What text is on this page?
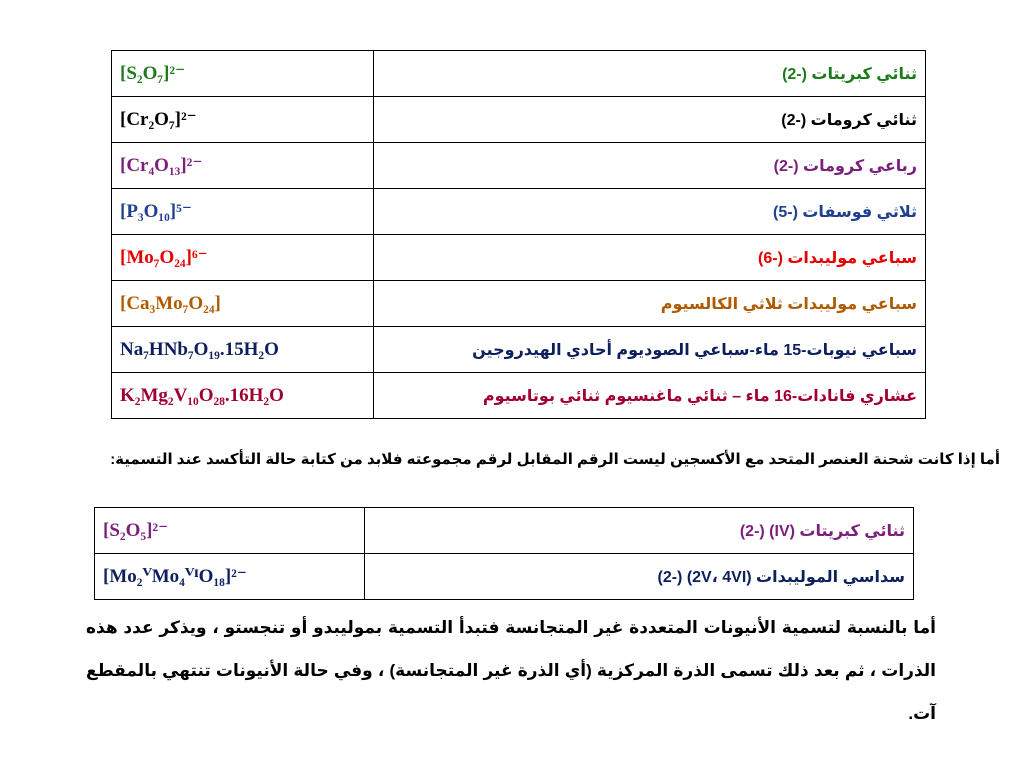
[S₂O₇]²⁻	ثنائي كبريتات (-2)
[Cr₂O₇]²⁻	ثنائي كرومات (-2)
[Cr₄O₁₃]²⁻	رباعي كرومات (-2)
[P₃O₁₀]⁵⁻	ثلاثي فوسفات (-5)
[Mo₇O₂₄]⁶⁻	سباعي موليبدات (-6)
[Ca₃Mo₇O₂₄]	سباعي موليبدات ثلاثي الكالسيوم
Na₇HNb₇O₁₉.15H₂O	سباعي نيوبات-15 ماء-سباعي الصوديوم أحادي الهيدروجين
K₂Mg₂V₁₀O₂₈.16H₂O	عشاري فانادات-16 ماء – ثنائي ماغنسيوم ثنائي بوتاسيوم
أما إذا كانت شحنة العنصر المتحد مع الأكسجين ليست الرقم المقابل لرقم مجموعته فلابد من كتابة حالة التأكسد عند التسمية:
[S₂O₅]²⁻	ثنائي كبريتات (IV) (-2)
[Mo₂ⱽMo₄ⱽᴵO₁₈]²⁻	سداسي الموليبدات (2V، 4VI) (-2)
أما بالنسبة لتسمية الأنيونات المتعددة غير المتجانسة فتبدأ التسمية بموليبدو أو تنجستو ، ويذكر عدد هذه الذرات ، ثم بعد ذلك تسمى الذرة المركزية (أي الذرة غير المتجانسة) ، وفي حالة الأنيونات تنتهي بالمقطع آت.
